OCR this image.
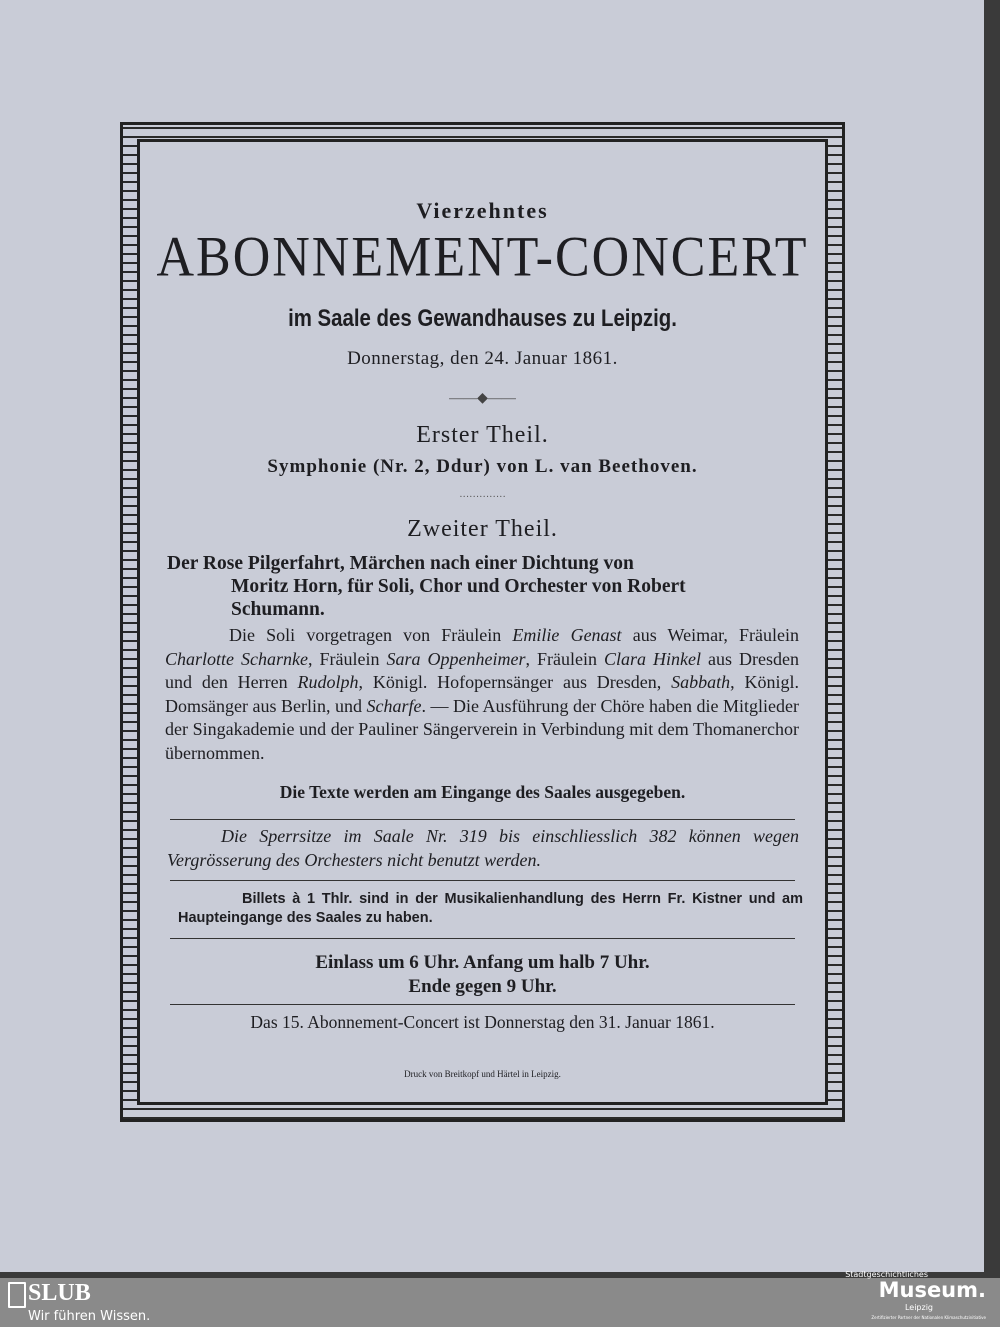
Vierzehntes
ABONNEMENT-CONCERT
im Saale des Gewandhauses zu Leipzig.
Donnerstag, den 24. Januar 1861.
——◆——
Erster Theil.
Symphonie (Nr. 2, Ddur) von L. van Beethoven.
··············
Zweiter Theil.
Der Rose Pilgerfahrt, Märchen nach einer Dichtung von
Moritz Horn, für Soli, Chor und Orchester von Robert
Schumann.
Die Soli vorgetragen von Fräulein Emilie Genast aus Weimar, Fräulein Charlotte Scharnke, Fräulein Sara Oppenheimer, Fräulein Clara Hinkel aus Dresden und den Herren Rudolph, Königl. Hofopernsänger aus Dresden, Sabbath, Königl. Domsänger aus Berlin, und Scharfe. — Die Ausführung der Chöre haben die Mitglieder der Singakademie und der Pauliner Sängerverein in Verbindung mit dem Thomanerchor übernommen.
Die Texte werden am Eingange des Saales ausgegeben.
Die Sperrsitze im Saale Nr. 319 bis einschliesslich 382 können wegen Vergrösserung des Orchesters nicht benutzt werden.
Billets à 1 Thlr. sind in der Musikalienhandlung des Herrn Fr. Kistner und am Haupteingange des Saales zu haben.
Einlass um 6 Uhr. Anfang um halb 7 Uhr.
Ende gegen 9 Uhr.
Das 15. Abonnement-Concert ist Donnerstag den 31. Januar 1861.
Druck von Breitkopf und Härtel in Leipzig.
SLUB
Wir führen Wissen.
Stadtgeschichtliches
Museum.
Leipzig
Zertifizierter Partner der Nationalen Klimaschutzinitiative
